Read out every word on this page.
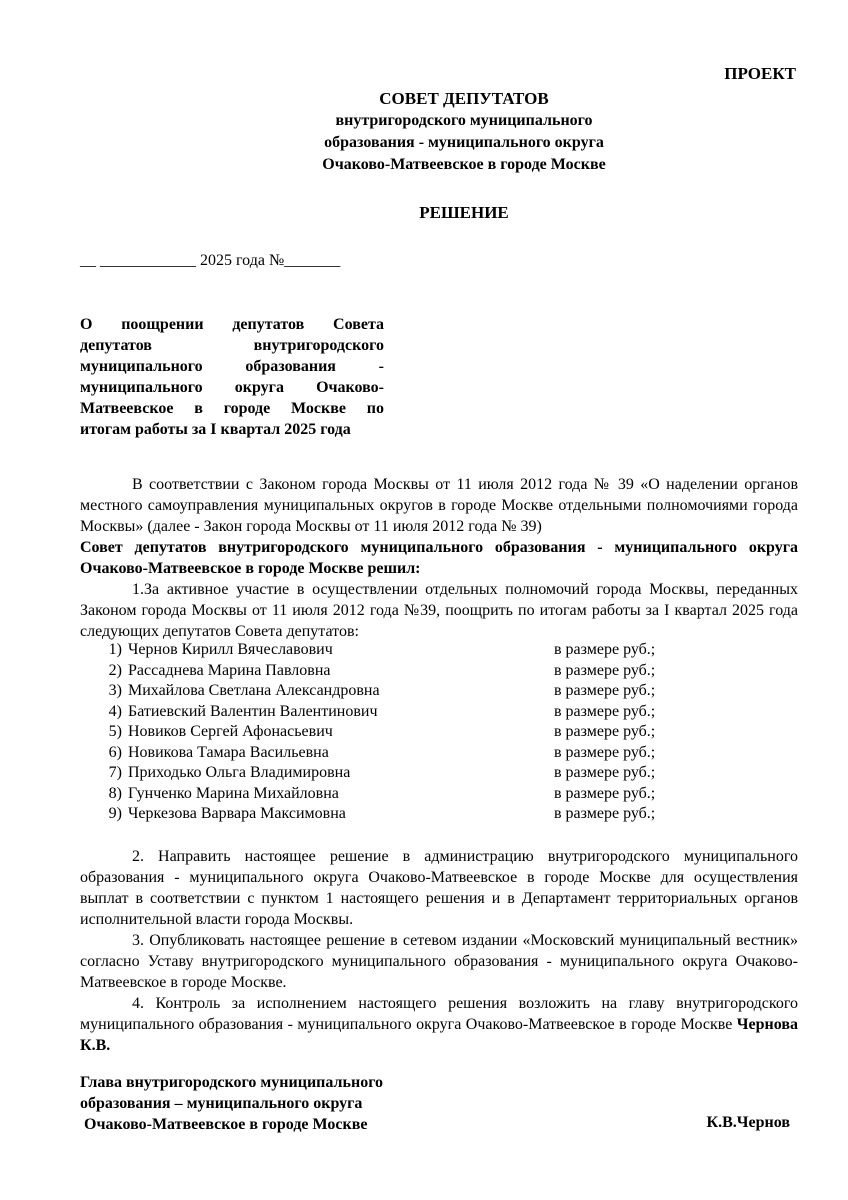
ПРОЕКТ
СОВЕТ ДЕПУТАТОВ
внутригородского муниципального
образования - муниципального округа
Очаково-Матвеевское в городе Москве
РЕШЕНИЕ
__ ____________ 2025 года №_______
О поощрении депутатов Совета
депутатов внутригородского
муниципального образования -
муниципального округа Очаково-
Матвеевское в городе Москве по
итогам работы за I квартал 2025 года
В соответствии с Законом города Москвы от 11 июля 2012 года № 39 «О наделении органов местного самоуправления муниципальных округов в городе Москве отдельными полномочиями города Москвы» (далее - Закон города Москвы от 11 июля 2012 года № 39)
Совет депутатов внутригородского муниципального образования - муниципального округа Очаково-Матвеевское в городе Москве решил:
1.За активное участие в осуществлении отдельных полномочий города Москвы, переданных Законом города Москвы от 11 июля 2012 года №39, поощрить по итогам работы за I квартал 2025 года следующих депутатов Совета депутатов:
1) Чернов Кирилл Вячеславович	в размере руб.;
2) Рассаднева Марина Павловна	в размере руб.;
3) Михайлова Светлана Александровна	в размере руб.;
4) Батиевский Валентин Валентинович	в размере руб.;
5) Новиков Сергей Афонасьевич	в размере руб.;
6) Новикова Тамара Васильевна	в размере руб.;
7) Приходько Ольга Владимировна	в размере руб.;
8) Гунченко Марина Михайловна	в размере руб.;
9) Черкезова Варвара Максимовна	в размере руб.;
2. Направить настоящее решение в администрацию внутригородского муниципального образования - муниципального округа Очаково-Матвеевское в городе Москве для осуществления выплат в соответствии с пунктом 1 настоящего решения и в Департамент территориальных органов исполнительной власти города Москвы.
3. Опубликовать настоящее решение в сетевом издании «Московский муниципальный вестник» согласно Уставу внутригородского муниципального образования - муниципального округа Очаково-Матвеевское в городе Москве.
4. Контроль за исполнением настоящего решения возложить на главу внутригородского муниципального образования - муниципального округа Очаково-Матвеевское в городе Москве Чернова К.В.
Глава внутригородского муниципального
образования – муниципального округа
Очаково-Матвеевское в городе Москве	К.В.Чернов
